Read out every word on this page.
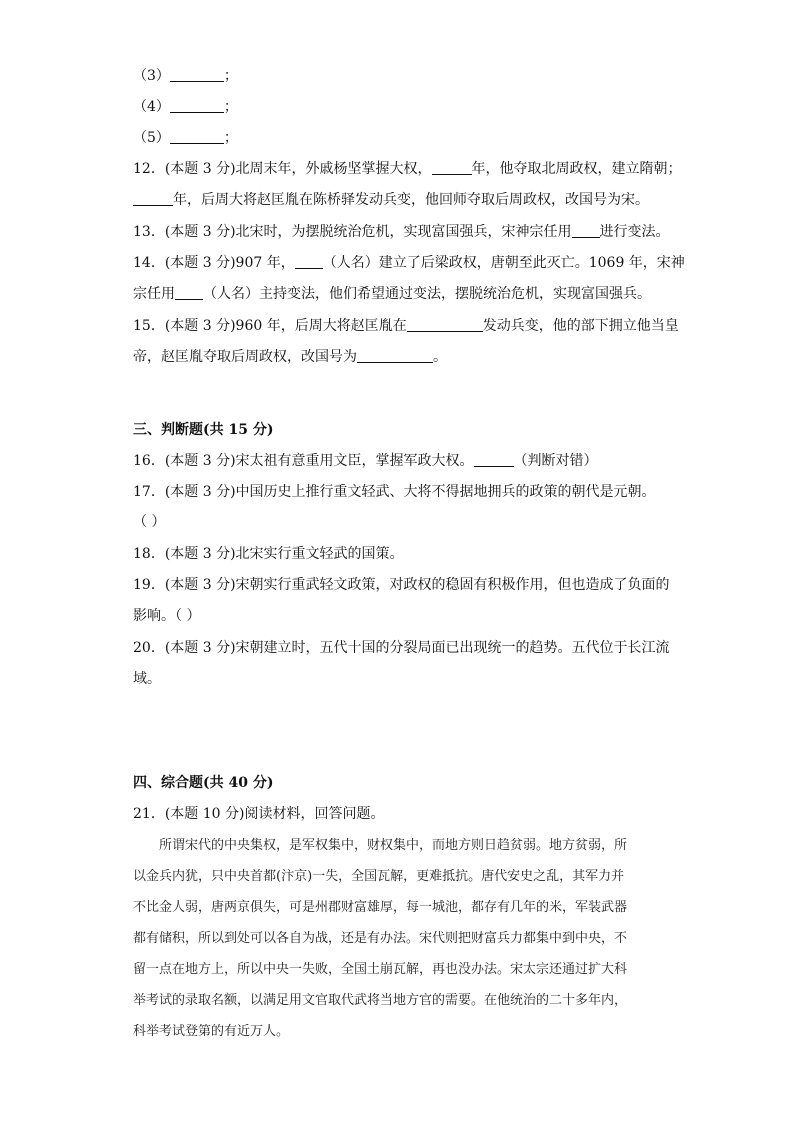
（3）	；
（4）	；
（5）	；
12．(本题 3 分)北周末年，外戚杨坚掌握大权，	年，他夺取北周政权，建立隋朝；
年，后周大将赵匡胤在陈桥驿发动兵变，他回师夺取后周政权，改国号为宋。
13．(本题 3 分)北宋时，为摆脱统治危机，实现富国强兵，宋神宗任用 进行变法。
14．(本题 3 分)907 年， （人名）建立了后梁政权，唐朝至此灭亡。1069 年，宋神
宗任用 （人名）主持变法，他们希望通过变法，摆脱统治危机，实现富国强兵。
15．(本题 3 分)960 年，后周大将赵匡胤在	发动兵变，他的部下拥立他当皇
帝，赵匡胤夺取后周政权，改国号为	。
三、判断题(共 15 分)
16．(本题 3 分)宋太祖有意重用文臣，掌握军政大权。	（判断对错）
17．(本题 3 分)中国历史上推行重文轻武、大将不得据地拥兵的政策的朝代是元朝。
（ ）
18．(本题 3 分)北宋实行重文轻武的国策。
19．(本题 3 分)宋朝实行重武轻文政策，对政权的稳固有积极作用，但也造成了负面的
影响。（ ）
20．(本题 3 分)宋朝建立时，五代十国的分裂局面已出现统一的趋势。五代位于长江流
域。
四、综合题(共 40 分)
21．(本题 10 分)阅读材料，回答问题。
所谓宋代的中央集权，是军权集中，财权集中，而地方则日趋贫弱。地方贫弱，所
以金兵内犹，只中央首都(汴京)一失，全国瓦解，更难抵抗。唐代安史之乱，其军力并
不比金人弱，唐两京俱失，可是州郡财富雄厚，每一城池，都存有几年的米，军装武器
都有储积，所以到处可以各自为战，还是有办法。宋代则把财富兵力都集中到中央，不
留一点在地方上，所以中央一失败，全国土崩瓦解，再也没办法。宋太宗还通过扩大科
举考试的录取名额，以满足用文官取代武将当地方官的需要。在他统治的二十多年内，
科举考试登第的有近万人。
